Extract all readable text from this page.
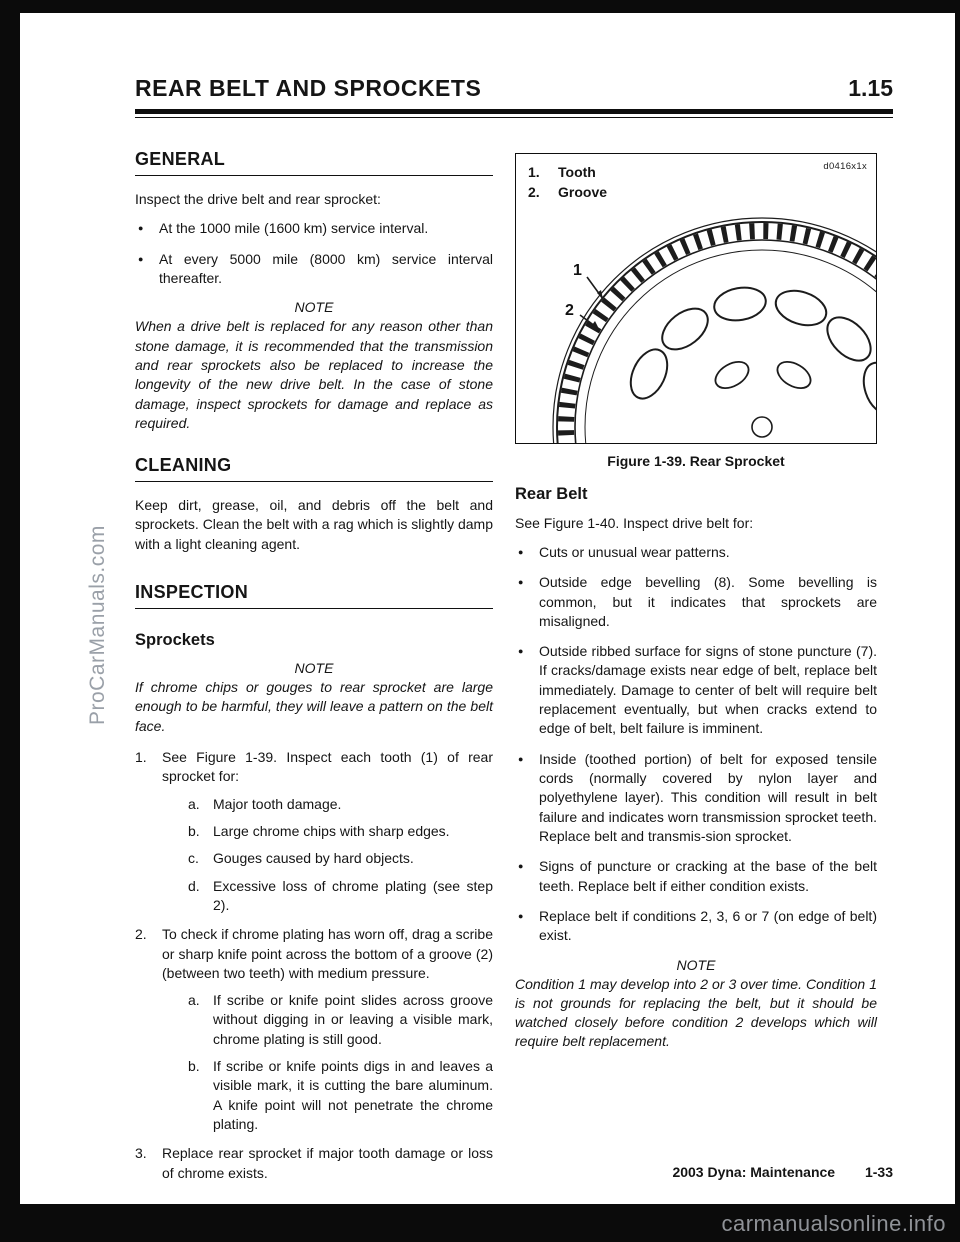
REAR BELT AND SPROCKETS	1.15
GENERAL

Inspect the drive belt and rear sprocket:

●	At the 1000 mile (1600 km) service interval.
●	At every 5000 mile (8000 km) service interval thereafter.
NOTE

When a drive belt is replaced for any reason other than stone damage, it is recommended that the transmission and rear sprockets also be replaced to increase the longevity of the new drive belt. In the case of stone damage, inspect sprockets for damage and replace as required.

CLEANING

Keep dirt, grease, oil, and debris off the belt and sprockets. Clean the belt with a rag which is slightly damp with a light cleaning agent.

INSPECTION
Sprockets
NOTE

If chrome chips or gouges to rear sprocket are large enough to be harmful, they will leave a pattern on the belt face.

1.	See Figure 1-39. Inspect each tooth (1) of rear sprocket for:
a. Major tooth damage.
b. Large chrome chips with sharp edges.
c.	Gouges caused by hard objects.
d. Excessive loss of chrome plating (see step 2).
2.	To check if chrome plating has worn off, drag a scribe or sharp knife point across the bottom of a groove (2) (between two teeth) with medium pressure.
a. If scribe or knife point slides across groove without digging in or leaving a visible mark, chrome plating is still good.
b. If scribe or knife points digs in and leaves a visible mark, it is cutting the bare aluminum. A knife point will not penetrate the chrome plating.
3.	Replace rear sprocket if major tooth damage or loss of chrome exists.
1.	Tooth
2.	Groove
d0416x1x
1
2
Figure 1-39. Rear Sprocket
Rear Belt

See Figure 1-40. Inspect drive belt for:

●	Cuts or unusual wear patterns.
●	Outside edge bevelling (8). Some bevelling is common, but it indicates that sprockets are misaligned.
●	Outside ribbed surface for signs of stone puncture (7). If cracks/damage exists near edge of belt, replace belt immediately. Damage to center of belt will require belt replacement eventually, but when cracks extend to edge of belt, belt failure is imminent.
●	Inside (toothed portion) of belt for exposed tensile cords (normally covered by nylon layer and polyethylene layer). This condition will result in belt failure and indicates worn transmission sprocket teeth. Replace belt and transmis-sion sprocket.
●	Signs of puncture or cracking at the base of the belt teeth. Replace belt if either condition exists.
●	Replace belt if conditions 2, 3, 6 or 7 (on edge of belt) exist.
NOTE

Condition 1 may develop into 2 or 3 over time. Condition 1 is not grounds for replacing the belt, but it should be watched closely before condition 2 develops which will require belt replacement.

2003 Dyna: Maintenance 1-33
ProCarManuals.com
carmanualsonline.info
